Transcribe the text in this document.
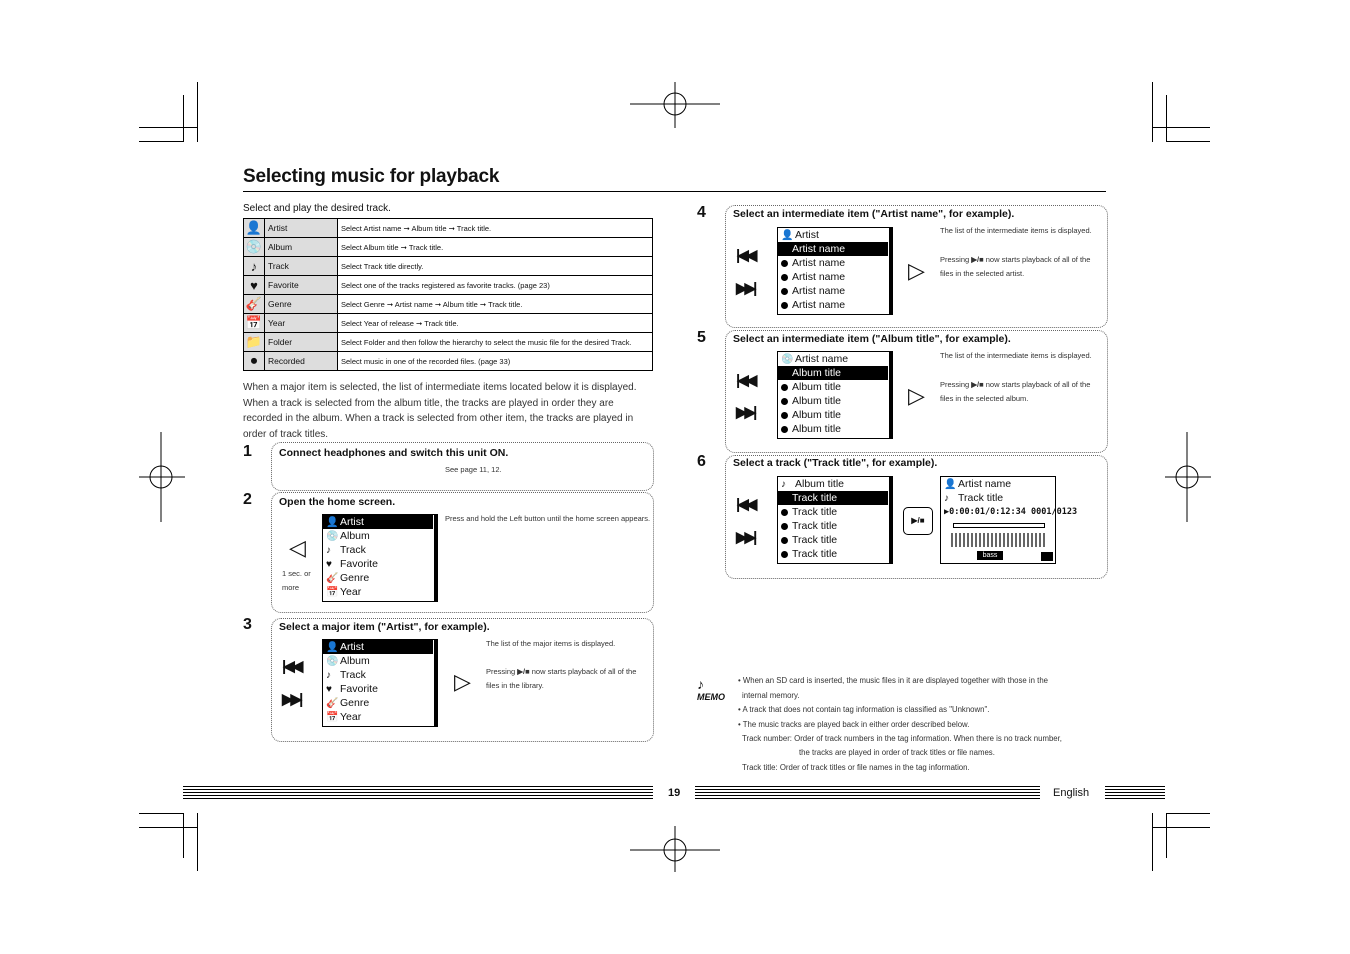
Selecting music for playback
Select and play the desired track.
👤	Artist	Select Artist name ➞ Album title ➞ Track title.
💿	Album	Select Album title ➞ Track title.
♪	Track	Select Track title directly.
♥	Favorite	Select one of the tracks registered as favorite tracks. (page 23)
🎸	Genre	Select Genre ➞ Artist name ➞ Album title ➞ Track title.
📅	Year	Select Year of release ➞ Track title.
📁	Folder	Select Folder and then follow the hierarchy to select the music file for the desired Track.
⏺	Recorded	Select music in one of the recorded files. (page 33)
When a major item is selected, the list of intermediate items located below it is displayed. When a track is selected from the album title, the tracks are played in order they are recorded in the album. When a track is selected from other item, the tracks are played in order of track titles.
1	Connect headphones and switch this unit ON.
See page 11, 12.
2	Open the home screen.
◁
1 sec. or more
👤 Artist
💿 Album
♪ Track
♥ Favorite
🎸 Genre
📅 Year
Press and hold the Left button until the home screen appears.
3	Select a major item ("Artist", for example).
|◀◀
▶▶|
👤 Artist
💿 Album
♪ Track
♥ Favorite
🎸 Genre
📅 Year
▷
The list of the major items is displayed.
Pressing ▶/■ now starts playback of all of the files in the library.
4	Select an intermediate item ("Artist name", for example).
|◀◀
▶▶|
👤 Artist
Artist name
Artist name
Artist name
Artist name
Artist name
▷
The list of the intermediate items is displayed.
Pressing ▶/■ now starts playback of all of the files in the selected artist.
5	Select an intermediate item ("Album title", for example).
|◀◀
▶▶|
💿 Artist name
Album title
Album title
Album title
Album title
Album title
▷
The list of the intermediate items is displayed.
Pressing ▶/■ now starts playback of all of the files in the selected album.
6	Select a track ("Track title", for example).
|◀◀
▶▶|
♪ Album title
Track title
Track title
Track title
Track title
Track title
▶/■
👤 Artist name
♪ Track title
▶0:00:01/0:12:34 0001/0123
bass
♪
MEMO
• When an SD card is inserted, the music files in it are displayed together with those in the
internal memory.
• A track that does not contain tag information is classified as "Unknown".
• The music tracks are played back in either order described below.
Track number: Order of track numbers in the tag information. When there is no track number,
the tracks are played in order of track titles or file names.
Track title: Order of track titles or file names in the tag information.
19	English
